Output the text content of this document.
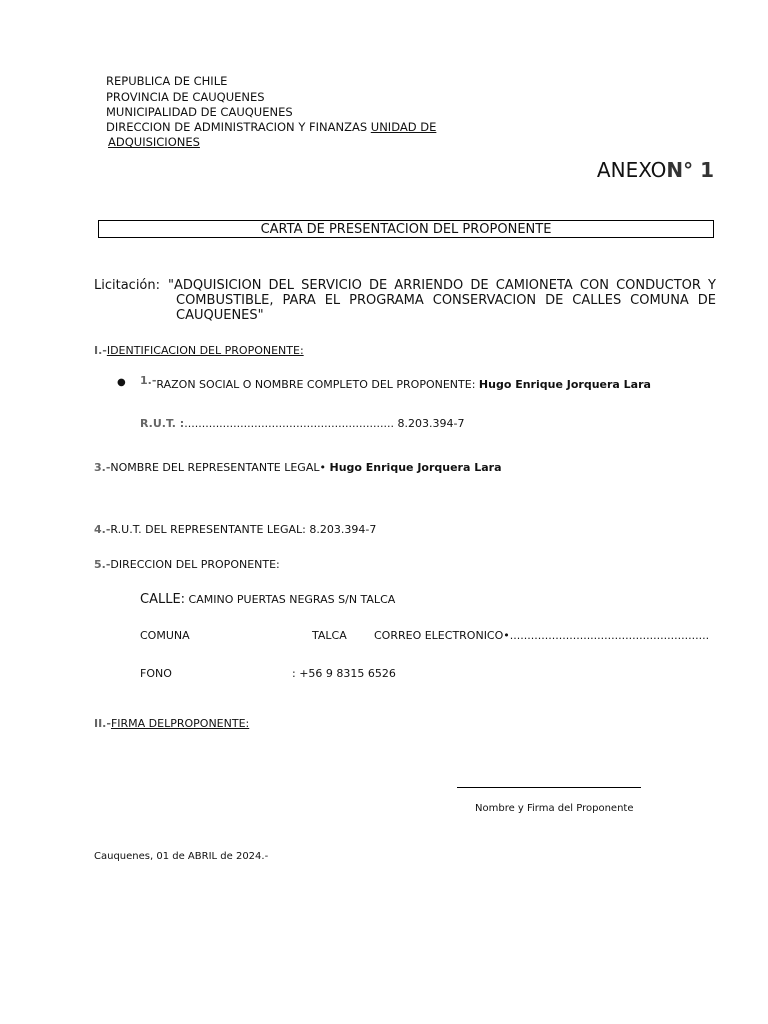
REPUBLICA DE CHILE
PROVINCIA DE CAUQUENES
MUNICIPALIDAD DE CAUQUENES
DIRECCION DE ADMINISTRACION Y FINANZAS UNIDAD DE
ADQUISICIONES
ANEXON° 1
CARTA DE PRESENTACION DEL PROPONENTE
Licitación: "ADQUISICION DEL SERVICIO DE ARRIENDO DE CAMIONETA CON CONDUCTOR Y COMBUSTIBLE, PARA EL PROGRAMA CONSERVACION DE CALLES COMUNA DE CAUQUENES"
I.-IDENTIFICACION DEL PROPONENTE:
● 1.-RAZON SOCIAL O NOMBRE COMPLETO DEL PROPONENTE: Hugo Enrique Jorquera Lara
R.U.T. :............................................................ 8.203.394-7
3.-NOMBRE DEL REPRESENTANTE LEGAL• Hugo Enrique Jorquera Lara
4.-R.U.T. DEL REPRESENTANTE LEGAL: 8.203.394-7
5.-DIRECCION DEL PROPONENTE:
CALLE: CAMINO PUERTAS NEGRAS S/N TALCA
COMUNA	TALCA CORREO ELECTRONICO•.........................................................
FONO	: +56 9 8315 6526
II.-FIRMA DELPROPONENTE:
Nombre y Firma del Proponente
Cauquenes, 01 de ABRIL de 2024.-
